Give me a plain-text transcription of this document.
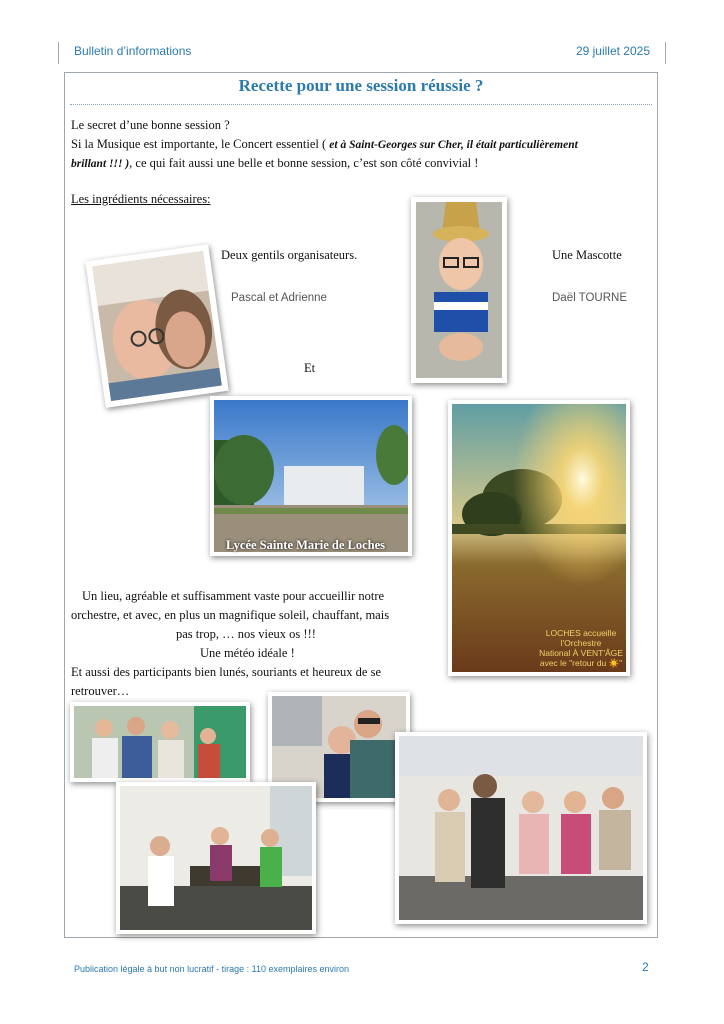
Bulletin d’informations	29 juillet 2025
Recette pour une session réussie ?
Le secret d’une bonne session ?
Si la Musique est importante, le Concert essentiel ( et à Saint-Georges sur Cher, il était particulièrement
brillant !!! ), ce qui fait aussi une belle et bonne session, c’est son côté convivial !
Les ingrédients nécessaires:
Deux gentils organisateurs.
Pascal et Adrienne
Une Mascotte
Daël TOURNE
Et
Lycée Sainte Marie de Loches
LOCHES accueille
l'Orchestre
National À VENT'ÂGE
avec le "retour du ☀️"
Un lieu, agréable et suffisamment vaste pour accueillir notre
orchestre, et avec, en plus un magnifique soleil, chauffant, mais
pas trop, … nos vieux os !!!
Une météo idéale !
Et aussi des participants bien lunés, souriants et heureux de se
retrouver…
Publication légale à but non lucratif - tirage : 110 exemplaires environ	2
